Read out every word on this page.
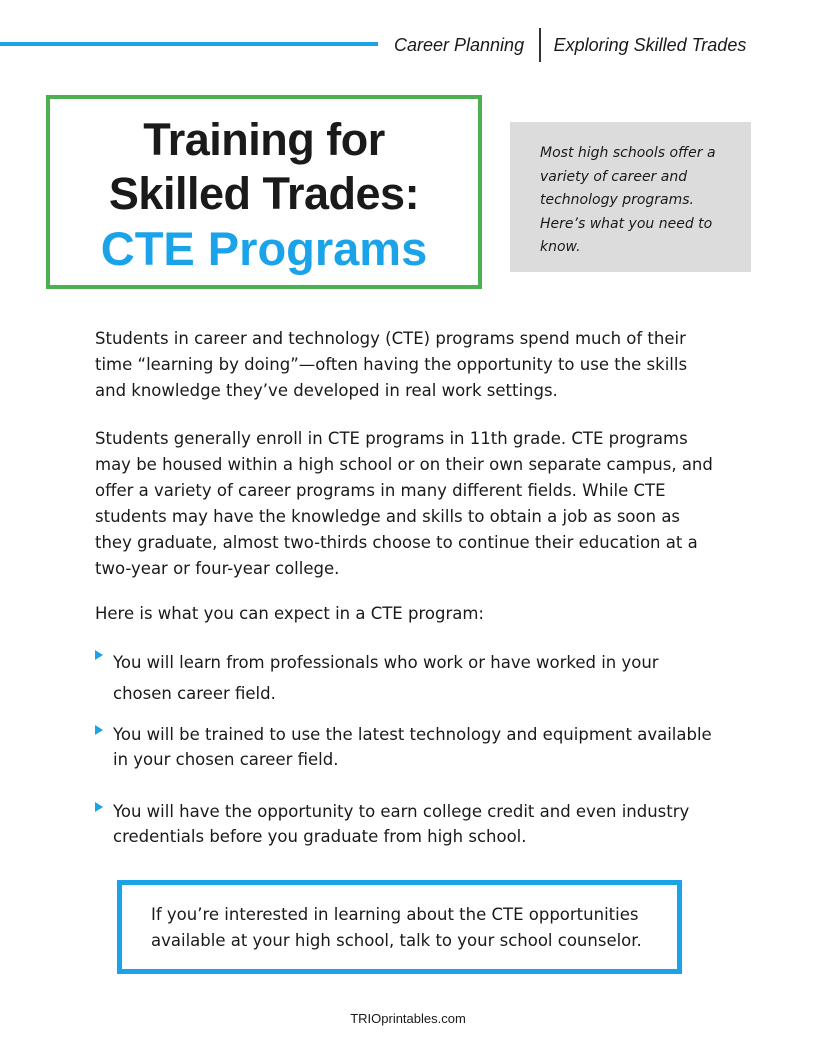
Career Planning Exploring Skilled Trades
Training for
Skilled Trades:
CTE Programs
Most high schools offer a variety of career and technology programs. Here’s what you need to know.

Students in career and technology (CTE) programs spend much of their time “learning by doing”—often having the opportunity to use the skills and knowledge they’ve developed in real work settings.

Students generally enroll in CTE programs in 11th grade. CTE programs may be housed within a high school or on their own separate campus, and offer a variety of career programs in many different fields. While CTE students may have the knowledge and skills to obtain a job as soon as they graduate, almost two-thirds choose to continue their education at a two-year or four-year college.

Here is what you can expect in a CTE program:

You will learn from professionals who work or have worked in your chosen career field.
You will be trained to use the latest technology and equipment available in your chosen career field.
You will have the opportunity to earn college credit and even industry credentials before you graduate from high school.
If you’re interested in learning about the CTE opportunities available at your high school, talk to your school counselor.
TRIOprintables.com
